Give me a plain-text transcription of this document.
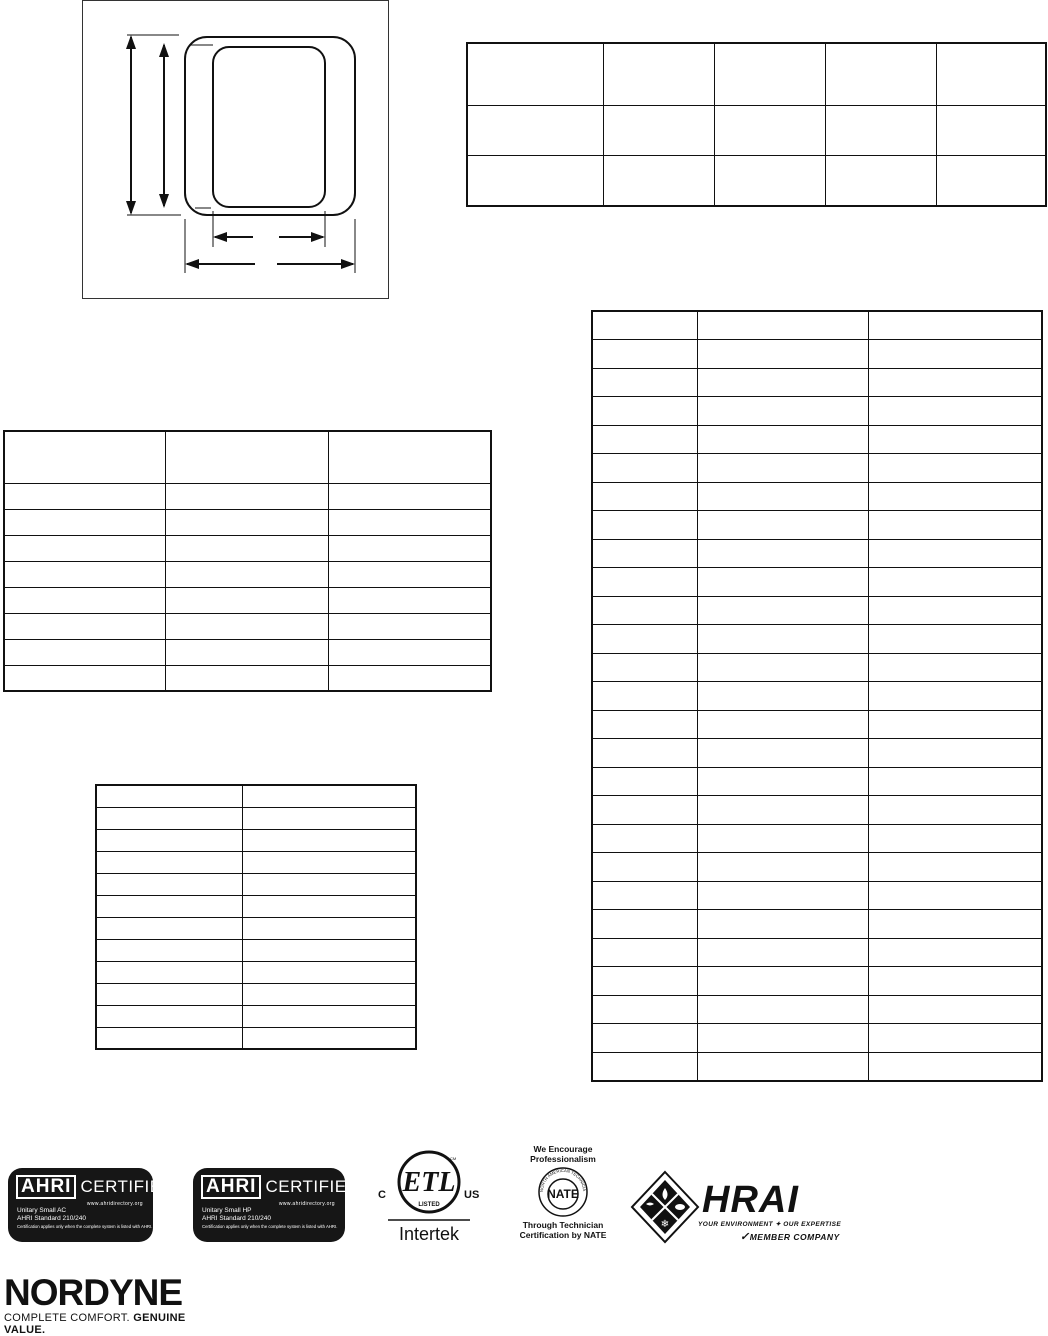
AHRI CERTIFIED TM
www.ahridirectory.org
Unitary Small AC
AHRI Standard 210/240
Certification applies only when the complete system is listed with AHRI.
AHRI CERTIFIED TM
www.ahridirectory.org
Unitary Small HP
AHRI Standard 210/240
Certification applies only when the complete system is listed with AHRI.
ETL
LISTED
CM
C	US
Intertek
We Encourage Professionalism
NORTH AMERICAN TECHNICIA
NATE
Through Technician Certification by NATE
❄
HRAI
YOUR ENVIRONMENT ✦ OUR EXPERTISE
✓MEMBER COMPANY
NORDYNE
COMPLETE COMFORT. GENUINE VALUE.
